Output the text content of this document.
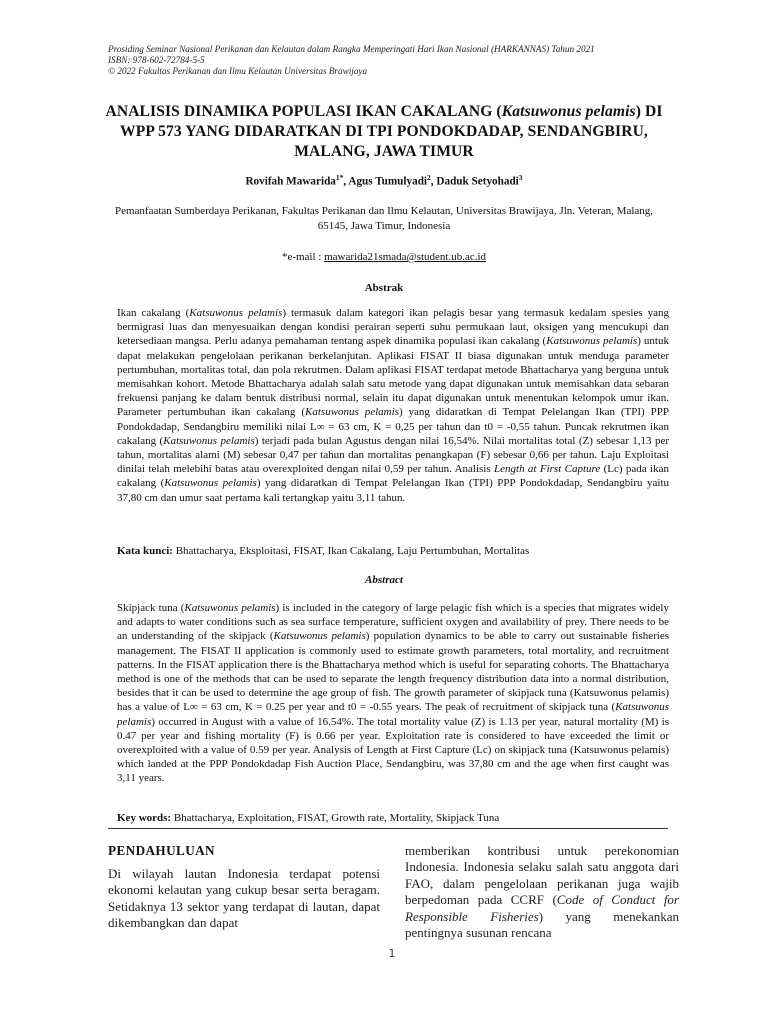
Prosiding Seminar Nasional Perikanan dan Kelautan dalam Rangka Memperingati Hari Ikan Nasional (HARKANNAS) Tahun 2021
ISBN: 978-602-72784-5-5
© 2022 Fakultas Perikanan dan Ilmu Kelautan Universitas Brawijaya
ANALISIS DINAMIKA POPULASI IKAN CAKALANG (Katsuwonus pelamis) DI WPP 573 YANG DIDARATKAN DI TPI PONDOKDADAP, SENDANGBIRU, MALANG, JAWA TIMUR
Rovifah Mawarida$^{1*}$, Agus Tumulyadi$^2$, Daduk Setyohadi$^3$
Pemanfaatan Sumberdaya Perikanan, Fakultas Perikanan dan Ilmu Kelautan, Universitas Brawijaya, Jln. Veteran, Malang, 65145, Jawa Timur, Indonesia
*e-mail : mawarida21smada@student.ub.ac.id
Abstrak
Ikan cakalang (Katsuwonus pelamis) termasuk dalam kategori ikan pelagis besar yang termasuk kedalam spesies yang bermigrasi luas dan menyesuaikan dengan kondisi perairan seperti suhu permukaan laut, oksigen yang mencukupi dan ketersediaan mangsa. Perlu adanya pemahaman tentang aspek dinamika populasi ikan cakalang (Katsuwonus pelamis) untuk dapat melakukan pengelolaan perikanan berkelanjutan. Aplikasi FISAT II biasa digunakan untuk menduga parameter pertumbuhan, mortalitas total, dan pola rekrutmen. Dalam aplikasi FISAT terdapat metode Bhattacharya yang berguna untuk memisahkan kohort. Metode Bhattacharya adalah salah satu metode yang dapat digunakan untuk memisahkan data sebaran frekuensi panjang ke dalam bentuk distribusi normal, selain itu dapat digunakan untuk menentukan kelompok umur ikan. Parameter pertumbuhan ikan cakalang (Katsuwonus pelamis) yang didaratkan di Tempat Pelelangan Ikan (TPI) PPP Pondokdadap, Sendangbiru memiliki nilai L∞ = 63 cm, K = 0,25 per tahun dan t0 = -0,55 tahun. Puncak rekrutmen ikan cakalang (Katsuwonus pelamis) terjadi pada bulan Agustus dengan nilai 16,54%. Nilai mortalitas total (Z) sebesar 1,13 per tahun, mortalitas alami (M) sebesar 0,47 per tahun dan mortalitas penangkapan (F) sebesar 0,66 per tahun. Laju Exploitasi dinilai telah melebihi batas atau overexploited dengan nilai 0,59 per tahun. Analisis Length at First Capture (Lc) pada ikan cakalang (Katsuwonus pelamis) yang didaratkan di Tempat Pelelangan Ikan (TPI) PPP Pondokdadap, Sendangbiru yaitu 37,80 cm dan umur saat pertama kali tertangkap yaitu 3,11 tahun.
Kata kunci: Bhattacharya, Eksploitasi, FISAT, Ikan Cakalang, Laju Pertumbuhan, Mortalitas
Abstract
Skipjack tuna (Katsuwonus pelamis) is included in the category of large pelagic fish which is a species that migrates widely and adapts to water conditions such as sea surface temperature, sufficient oxygen and availability of prey. There needs to be an understanding of the skipjack (Katsuwonus pelamis) population dynamics to be able to carry out sustainable fisheries management. The FISAT II application is commonly used to estimate growth parameters, total mortality, and recruitment patterns. In the FISAT application there is the Bhattacharya method which is useful for separating cohorts. The Bhattacharya method is one of the methods that can be used to separate the length frequency distribution data into a normal distribution, besides that it can be used to determine the age group of fish. The growth parameter of skipjack tuna (Katsuwonus pelamis) has a value of L∞ = 63 cm, K = 0.25 per year and t0 = -0.55 years. The peak of recruitment of skipjack tuna (Katsuwonus pelamis) occurred in August with a value of 16.54%. The total mortality value (Z) is 1.13 per year, natural mortality (M) is 0.47 per year and fishing mortality (F) is 0.66 per year. Exploitation rate is considered to have exceeded the limit or overexploited with a value of 0.59 per year. Analysis of Length at First Capture (Lc) on skipjack tuna (Katsuwonus pelamis) which landed at the PPP Pondokdadap Fish Auction Place, Sendangbiru, was 37,80 cm and the age when first caught was 3,11 years.
Key words: Bhattacharya, Exploitation, FISAT, Growth rate, Mortality, Skipjack Tuna
PENDAHULUAN

Di wilayah lautan Indonesia terdapat potensi ekonomi kelautan yang cukup besar serta beragam. Setidaknya 13 sektor yang terdapat di lautan, dapat dikembangkan dan dapat

memberikan kontribusi untuk perekonomian Indonesia. Indonesia selaku salah satu anggota dari FAO, dalam pengelolaan perikanan juga wajib berpedoman pada CCRF (Code of Conduct for Responsible Fisheries) yang menekankan pentingnya susunan rencana
1
